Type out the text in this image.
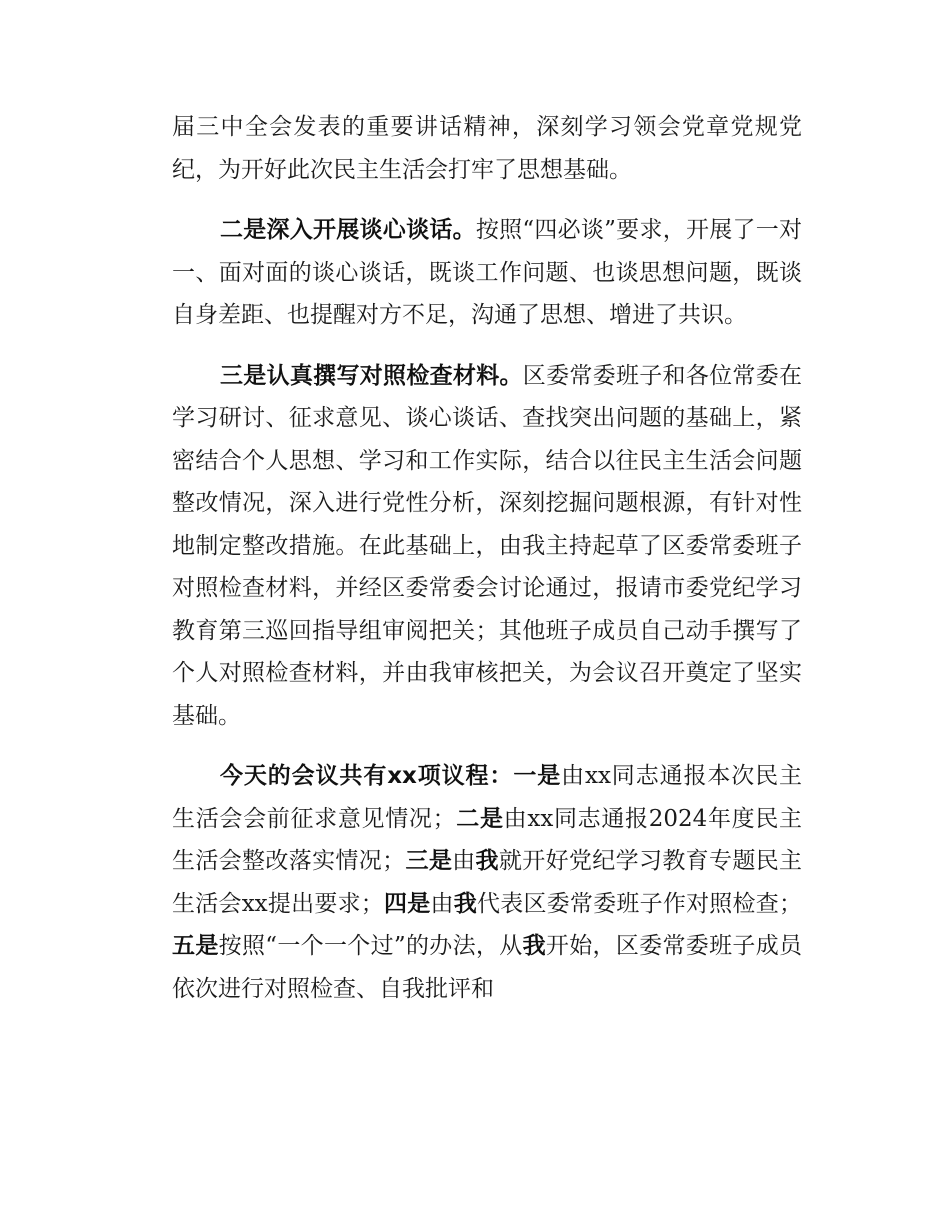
届三中全会发表的重要讲话精神，深刻学习领会党章党规党纪，为开好此次民主生活会打牢了思想基础。

二是深入开展谈心谈话。按照“四必谈”要求，开展了一对一、面对面的谈心谈话，既谈工作问题、也谈思想问题，既谈自身差距、也提醒对方不足，沟通了思想、增进了共识。

三是认真撰写对照检查材料。区委常委班子和各位常委在学习研讨、征求意见、谈心谈话、查找突出问题的基础上，紧密结合个人思想、学习和工作实际，结合以往民主生活会问题整改情况，深入进行党性分析，深刻挖掘问题根源，有针对性地制定整改措施。在此基础上，由我主持起草了区委常委班子对照检查材料，并经区委常委会讨论通过，报请市委党纪学习教育第三巡回指导组审阅把关；其他班子成员自己动手撰写了个人对照检查材料，并由我审核把关，为会议召开奠定了坚实基础。

今天的会议共有xx项议程：一是由xx同志通报本次民主生活会会前征求意见情况；二是由xx同志通报2024年度民主生活会整改落实情况；三是由我就开好党纪学习教育专题民主生活会xx提出要求；四是由我代表区委常委班子作对照检查；五是按照“一个一个过”的办法，从我开始，区委常委班子成员依次进行对照检查、自我批评和
